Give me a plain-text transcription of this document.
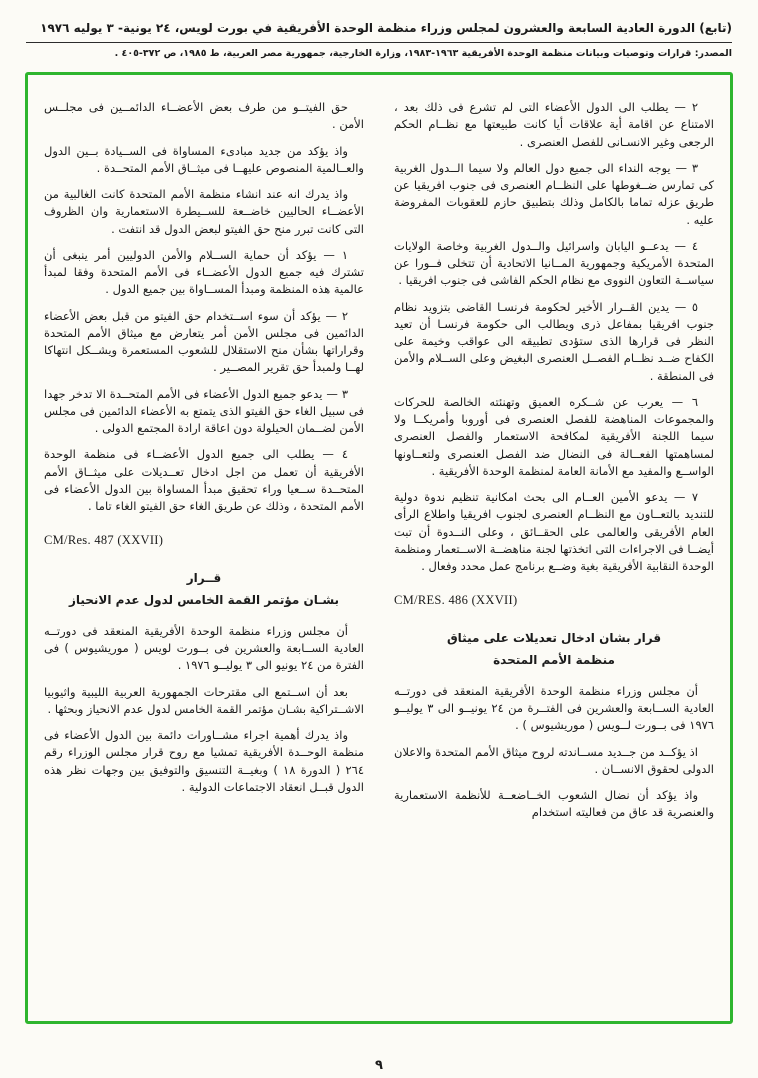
(تابع) الدورة العادية السابعة والعشرون لمجلس وزراء منظمة الوحدة الأفريقية في بورت لويس، ٢٤ يونية- ٣ يوليه ١٩٧٦
المصدر: قرارات وتوصيات وبيانات منظمة الوحدة الأفريقية ١٩٦٣-١٩٨٣، وزارة الخارجية، جمهورية مصر العربية، ط ١٩٨٥، ص ٣٧٢-٤٠٥ .

٢ — يطلب الى الدول الأعضاء التى لم تشرع فى ذلك بعد ، الامتناع عن اقامة أية علاقات أيا كانت طبيعتها مع نظــام الحكم الرجعى وغير الانسـانى للفصل العنصرى .

٣ — يوجه النداء الى جميع دول العالم ولا سيما الــدول الغربية كى تمارس ضــغوطها على النظــام العنصرى فى جنوب افريقيا عن طريق عزله تماما بالكامل وذلك بتطبيق حازم للعقوبات المفروضة عليه .

٤ — يدعــو اليابان واسرائيل والــدول الغربية وخاصة الولايات المتحدة الأمريكية وجمهورية المــانيا الاتحادية أن تتخلى فــورا عن سياســة التعاون النووى مع نظام الحكم الفاشى فى جنوب افريقيا .

٥ — يدين القــرار الأخير لحكومة فرنسـا القاضى بتزويد نظام جنوب افريقيا بمفاعل ذرى ويطالب الى حكومة فرنسـا أن تعيد النظر فى قرارها الذى ستؤدى تطبيقه الى عواقب وخيمة على الكفاح ضــد نظــام الفصــل العنصرى البغيض وعلى الســلام والأمن فى المنطقة .

٦ — يعرب عن شــكره العميق وتهنئته الخالصة للحركات والمجموعات المناهضة للفصل العنصرى فى أوروبا وأمريكــا ولا سيما اللجنة الأفريقية لمكافحة الاستعمار والفصل العنصرى لمساهمتها الفعــالة فى النضال ضد الفصل العنصرى ولتعــاونها الواســع والمفيد مع الأمانة العامة لمنظمة الوحدة الأفريقية .

٧ — يدعو الأمين العــام الى بحث امكانية تنظيم ندوة دولية للتنديد بالتعــاون مع النظــام العنصرى لجنوب افريقيا واطلاع الرأى العام الأفريقى والعالمى على الحقــائق ، وعلى النــدوة أن تبت أيضــا فى الاجراءات التى اتخذتها لجنة مناهضــة الاســتعمار ومنظمة الوحدة النقابية الأفريقية بغية وضــع برنامج عمل محدد وفعال .

CM/RES. 486 (XXVII)
قرار بشان ادخال تعديلات على ميثاق
منظمة الأمم المتحدة

أن مجلس وزراء منظمة الوحدة الأفريقية المنعقد فى دورتــه العادية الســابعة والعشرين فى الفتــرة من ٢٤ يونيــو الى ٣ يوليــو ١٩٧٦ فى بــورت لــويس ( موريشيوس ) .

اذ يؤكــد من جــديد مســاندته لروح ميثاق الأمم المتحدة والاعلان الدولى لحقوق الانســان .

واذ يؤكد أن نضال الشعوب الخــاضعــة للأنظمة الاستعمارية والعنصرية قد عاق من فعاليته استخدام

حق الفيتــو من طرف بعض الأعضــاء الدائمــين فى مجلــس الأمن .

واذ يؤكد من جديد مبادىء المساواة فى الســيادة بــين الدول والعــالمية المنصوص عليهــا فى ميثــاق الأمم المتحــدة .

واذ يدرك انه عند انشاء منظمة الأمم المتحدة كانت الغالبية من الأعضــاء الحاليين خاضــعة للســيطرة الاستعمارية وان الظروف التى كانت تبرر منح حق الفيتو لبعض الدول قد انتفت .

١ — يؤكد أن حماية الســلام والأمن الدوليين أمر ينبغى أن تشترك فيه جميع الدول الأعضــاء فى الأمم المتحدة وفقا لمبدأ عالمية هذه المنظمة ومبدأ المســاواة بين جميع الدول .

٢ — يؤكد أن سوء اســتخدام حق الفيتو من قبل بعض الأعضاء الدائمين فى مجلس الأمن أمر يتعارض مع ميثاق الأمم المتحدة وقراراتها بشأن منح الاستقلال للشعوب المستعمرة ويشــكل انتهاكا لهــا ولمبدأ حق تقرير المصــير .

٣ — يدعو جميع الدول الأعضاء فى الأمم المتحــدة الا تدخر جهدا فى سبيل الغاء حق الفيتو الذى يتمتع به الأعضاء الدائمين فى مجلس الأمن لضــمان الحيلولة دون اعاقة ارادة المجتمع الدولى .

٤ — يطلب الى جميع الدول الأعضــاء فى منظمة الوحدة الأفريقية أن تعمل من اجل ادخال تعــديلات على ميثــاق الأمم المتحــدة ســعيا وراء تحقيق مبدأ المساواة بين الدول الأعضاء فى الأمم المتحدة ، وذلك عن طريق الغاء حق الفيتو الغاء تاما .

CM/Res. 487 (XXVII)
قــرار
بشـان مؤتمر القمة الخامس لدول عدم الانحياز

أن مجلس وزراء منظمة الوحدة الأفريقية المنعقد فى دورتــه العادية الســابعة والعشرين فى بــورت لويس ( موريشيوس ) فى الفترة من ٢٤ يونيو الى ٣ يوليــو ١٩٧٦ .

بعد أن اســتمع الى مقترحات الجمهورية العربية الليبية واثيوبيا الاشــتراكية بشـان مؤتمر القمة الخامس لدول عدم الانحياز وبحثها .

واذ يدرك أهمية اجراء مشــاورات دائمة بين الدول الأعضاء فى منظمة الوحــدة الأفريقية تمشيا مع روح قرار مجلس الوزراء رقم ٢٦٤ ( الدورة ١٨ ) وبغيــة التنسيق والتوفيق بين وجهات نظر هذه الدول قبــل انعقاد الاجتماعات الدولية .

٩
